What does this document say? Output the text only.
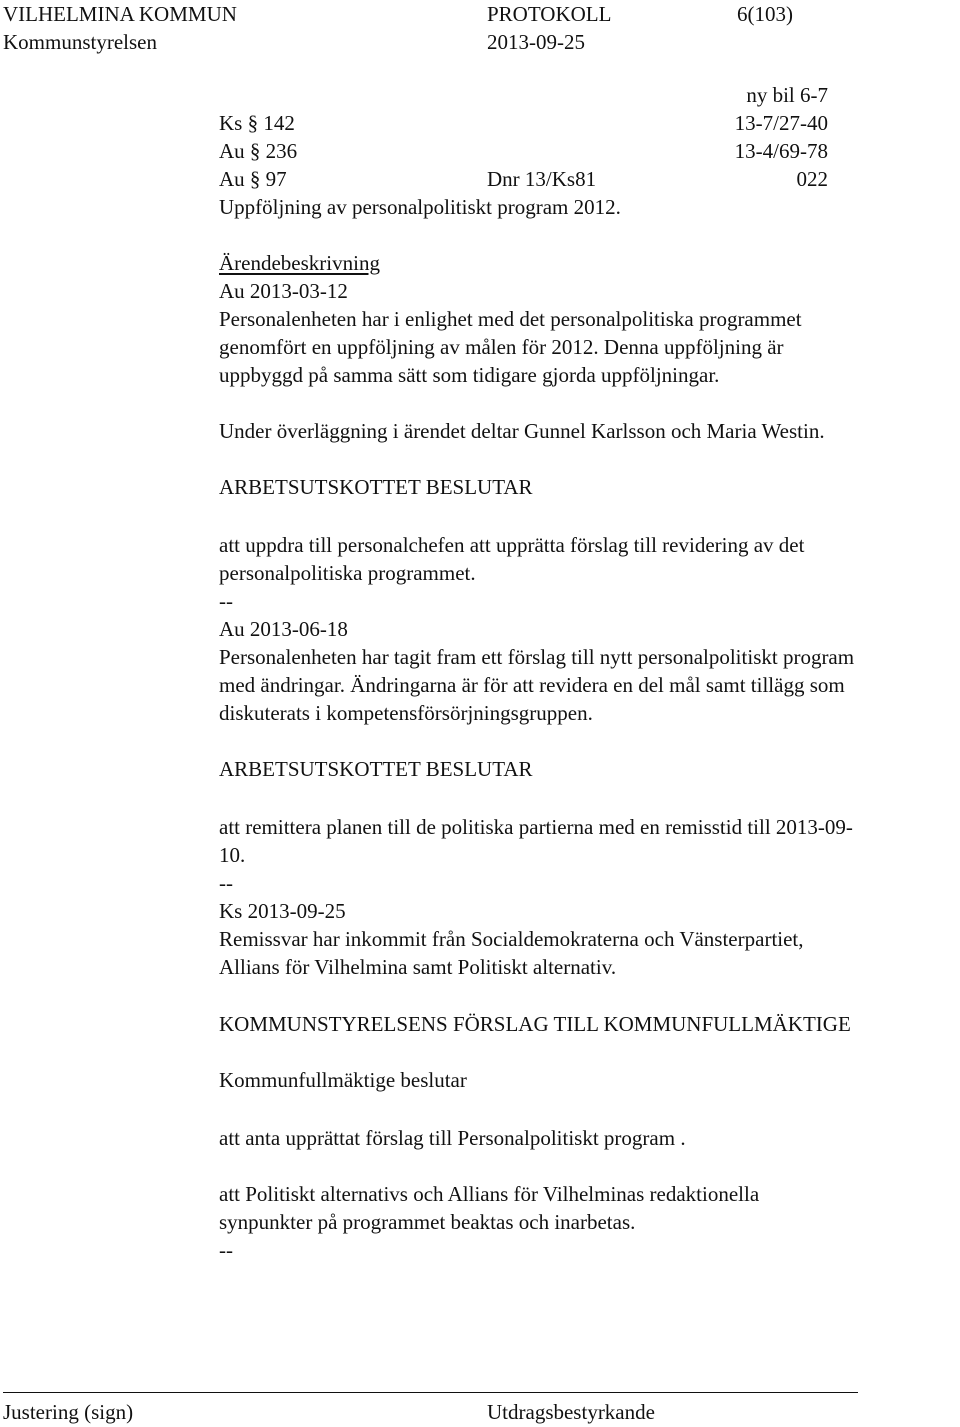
VILHELMINA KOMMUN	PROTOKOLL	6(103)
Kommunstyrelsen	2013-09-25
ny bil 6-7
Ks § 142	13-7/27-40
Au § 236	13-4/69-78
Au § 97	Dnr 13/Ks81	022
Uppföljning av personalpolitiskt program 2012.
Ärendebeskrivning
Au 2013-03-12
Personalenheten har i enlighet med det personalpolitiska programmet
genomfört en uppföljning av målen för 2012. Denna uppföljning är
uppbyggd på samma sätt som tidigare gjorda uppföljningar.
Under överläggning i ärendet deltar Gunnel Karlsson och Maria Westin.
ARBETSUTSKOTTET BESLUTAR
att uppdra till personalchefen att upprätta förslag till revidering av det
personalpolitiska programmet.
--
Au 2013-06-18
Personalenheten har tagit fram ett förslag till nytt personalpolitiskt program
med ändringar. Ändringarna är för att revidera en del mål samt tillägg som
diskuterats i kompetensförsörjningsgruppen.
ARBETSUTSKOTTET BESLUTAR
att remittera planen till de politiska partierna med en remisstid till 2013-09-
10.
--
Ks 2013-09-25
Remissvar har inkommit från Socialdemokraterna och Vänsterpartiet,
Allians för Vilhelmina samt Politiskt alternativ.
KOMMUNSTYRELSENS FÖRSLAG TILL KOMMUNFULLMÄKTIGE
Kommunfullmäktige beslutar
att anta upprättat förslag till Personalpolitiskt program .
att Politiskt alternativs och Allians för Vilhelminas redaktionella
synpunkter på programmet beaktas och inarbetas.
--
Justering (sign)	Utdragsbestyrkande
